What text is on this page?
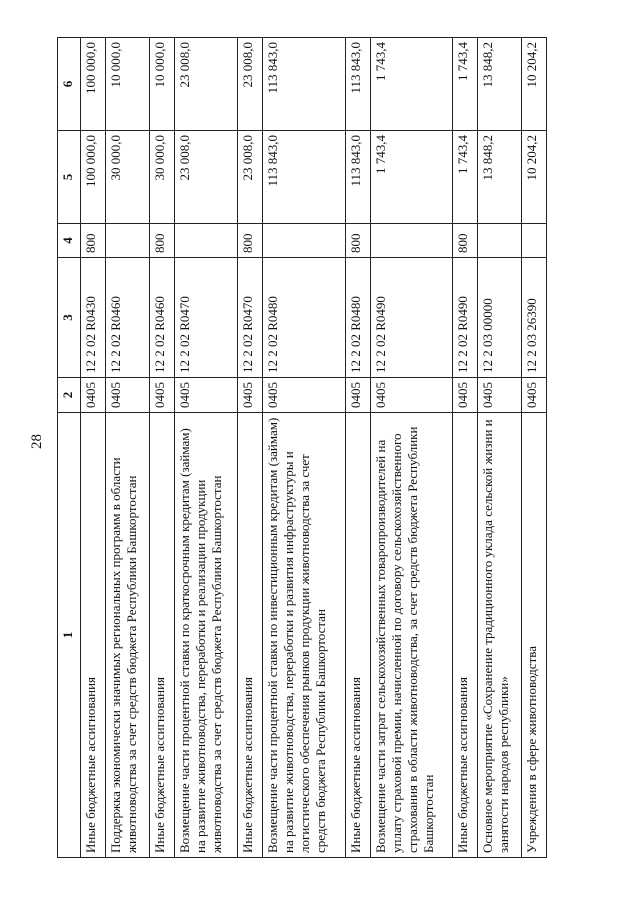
28
1	2	3	4	5	6
Иные бюджетные ассигнования	0405	12 2 02 R0430	800	100 000,0	100 000,0
Поддержка экономически значимых региональных программ в области животноводства за счет средств бюджета Республики Башкортостан	0405	12 2 02 R0460		30 000,0	10 000,0
Иные бюджетные ассигнования	0405	12 2 02 R0460	800	30 000,0	10 000,0
Возмещение части процентной ставки по краткосрочным кредитам (займам) на развитие животноводства, переработки и реализации продукции животноводства за счет средств бюджета Республики Башкортостан	0405	12 2 02 R0470		23 008,0	23 008,0
Иные бюджетные ассигнования	0405	12 2 02 R0470	800	23 008,0	23 008,0
Возмещение части процентной ставки по инвестиционным кредитам (займам) на развитие животноводства, переработки и развития инфраструктуры и логистического обеспечения рынков продукции животноводства за счет средств бюджета Республики Башкортостан	0405	12 2 02 R0480		113 843,0	113 843,0
Иные бюджетные ассигнования	0405	12 2 02 R0480	800	113 843,0	113 843,0
Возмещение части затрат сельскохозяйственных товаропроизводителей на уплату страховой премии, начисленной по договору сельскохозяйственного страхования в области животноводства, за счет средств бюджета Республики Башкортостан	0405	12 2 02 R0490		1 743,4	1 743,4
Иные бюджетные ассигнования	0405	12 2 02 R0490	800	1 743,4	1 743,4
Основное мероприятие «Сохранение традиционного уклада сельской жизни и занятости народов республики»	0405	12 2 03 00000		13 848,2	13 848,2
Учреждения в сфере животноводства	0405	12 2 03 26390		10 204,2	10 204,2
